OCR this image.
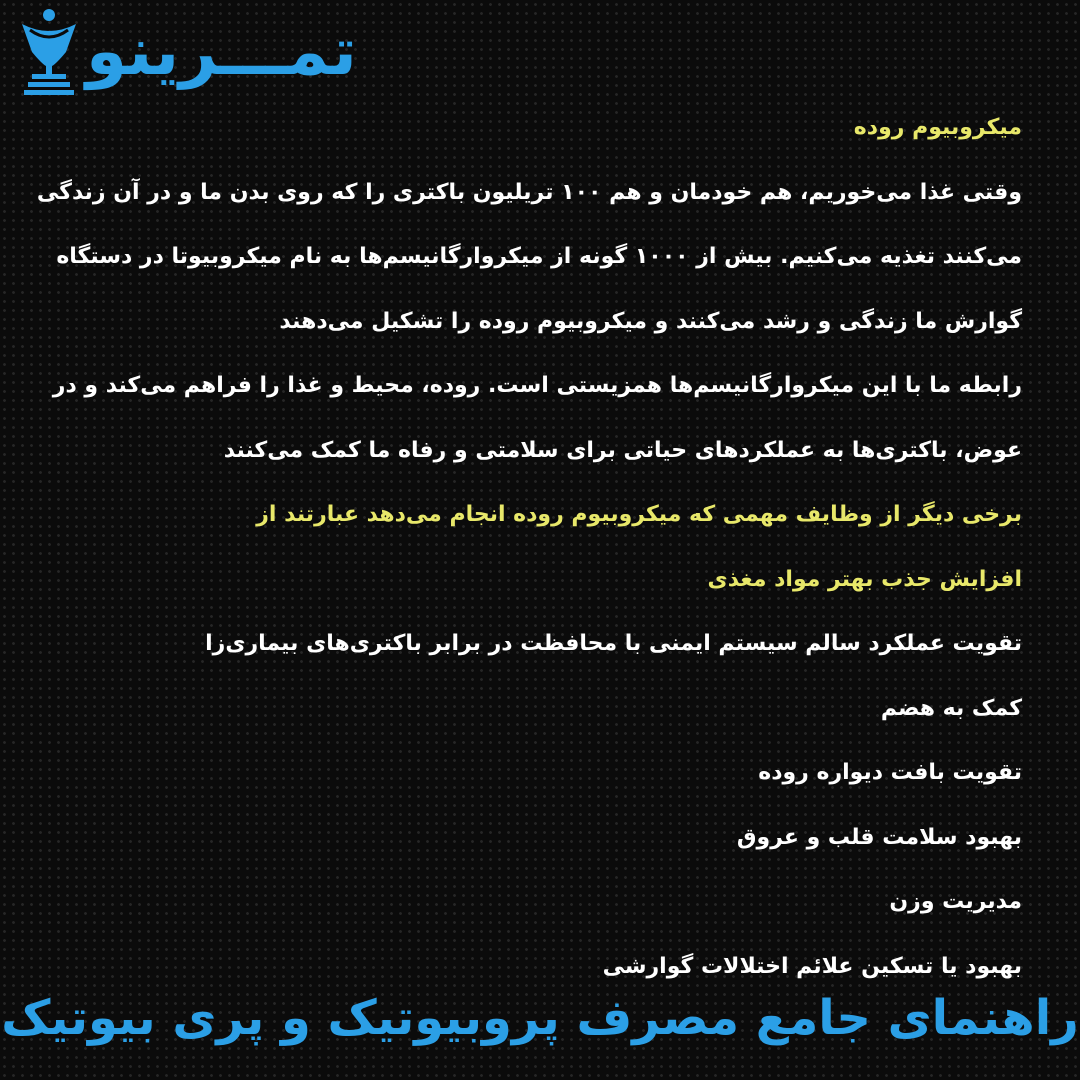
تمـــرینو
میکروبیوم روده
وقتی غذا می‌خوریم، هم خودمان و هم ۱۰۰ تریلیون باکتری را که روی بدن ما و در آن زندگی
می‌کنند تغذیه می‌کنیم. بیش از ۱۰۰۰ گونه از میکروارگانیسم‌ها به نام میکروبیوتا در دستگاه
گوارش ما زندگی و رشد می‌کنند و میکروبیوم روده را تشکیل می‌دهند
رابطه ما با این میکروارگانیسم‌ها همزیستی است. روده، محیط و غذا را فراهم می‌کند و در
عوض، باکتری‌ها به عملکردهای حیاتی برای سلامتی و رفاه ما کمک می‌کنند
برخی دیگر از وظایف مهمی که میکروبیوم روده انجام می‌دهد عبارتند از
افزایش جذب بهتر مواد مغذی
تقویت عملکرد سالم سیستم ایمنی با محافظت در برابر باکتری‌های بیماری‌زا
کمک به هضم
تقویت بافت دیواره روده
بهبود سلامت قلب و عروق
مدیریت وزن
بهبود یا تسکین علائم اختلالات گوارشی
راهنمای جامع مصرف پروبیوتیک و پری بیوتیک
